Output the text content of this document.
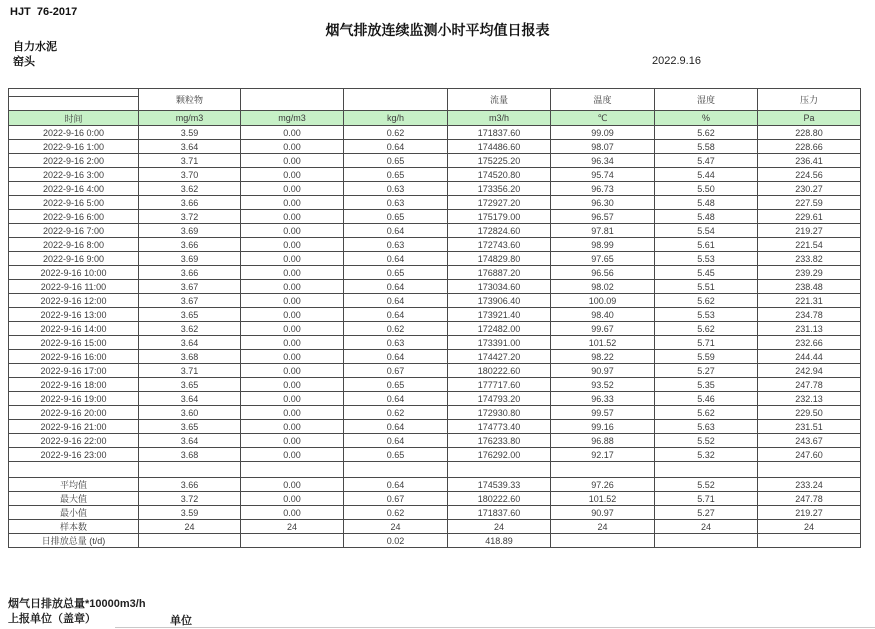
HJT  76-2017
烟气排放连续监测小时平均值日报表
自力水泥
窑头	2022.9.16
	颗粒物			流量	温度	湿度	压力

时间	mg/m3	mg/m3	kg/h	m3/h	℃	%	Pa
2022-9-16 0:00	3.59	0.00	0.62	171837.60	99.09	5.62	228.80
2022-9-16 1:00	3.64	0.00	0.64	174486.60	98.07	5.58	228.66
2022-9-16 2:00	3.71	0.00	0.65	175225.20	96.34	5.47	236.41
2022-9-16 3:00	3.70	0.00	0.65	174520.80	95.74	5.44	224.56
2022-9-16 4:00	3.62	0.00	0.63	173356.20	96.73	5.50	230.27
2022-9-16 5:00	3.66	0.00	0.63	172927.20	96.30	5.48	227.59
2022-9-16 6:00	3.72	0.00	0.65	175179.00	96.57	5.48	229.61
2022-9-16 7:00	3.69	0.00	0.64	172824.60	97.81	5.54	219.27
2022-9-16 8:00	3.66	0.00	0.63	172743.60	98.99	5.61	221.54
2022-9-16 9:00	3.69	0.00	0.64	174829.80	97.65	5.53	233.82
2022-9-16 10:00	3.66	0.00	0.65	176887.20	96.56	5.45	239.29
2022-9-16 11:00	3.67	0.00	0.64	173034.60	98.02	5.51	238.48
2022-9-16 12:00	3.67	0.00	0.64	173906.40	100.09	5.62	221.31
2022-9-16 13:00	3.65	0.00	0.64	173921.40	98.40	5.53	234.78
2022-9-16 14:00	3.62	0.00	0.62	172482.00	99.67	5.62	231.13
2022-9-16 15:00	3.64	0.00	0.63	173391.00	101.52	5.71	232.66
2022-9-16 16:00	3.68	0.00	0.64	174427.20	98.22	5.59	244.44
2022-9-16 17:00	3.71	0.00	0.67	180222.60	90.97	5.27	242.94
2022-9-16 18:00	3.65	0.00	0.65	177717.60	93.52	5.35	247.78
2022-9-16 19:00	3.64	0.00	0.64	174793.20	96.33	5.46	232.13
2022-9-16 20:00	3.60	0.00	0.62	172930.80	99.57	5.62	229.50
2022-9-16 21:00	3.65	0.00	0.64	174773.40	99.16	5.63	231.51
2022-9-16 22:00	3.64	0.00	0.64	176233.80	96.88	5.52	243.67
2022-9-16 23:00	3.68	0.00	0.65	176292.00	92.17	5.32	247.60

平均值	3.66	0.00	0.64	174539.33	97.26	5.52	233.24
最大值	3.72	0.00	0.67	180222.60	101.52	5.71	247.78
最小值	3.59	0.00	0.62	171837.60	90.97	5.27	219.27
样本数	24	24	24	24	24	24	24
日排放总量 (t/d)			0.02	418.89			
烟气日排放总量*10000m3/h
上报单位（盖章）	单位
